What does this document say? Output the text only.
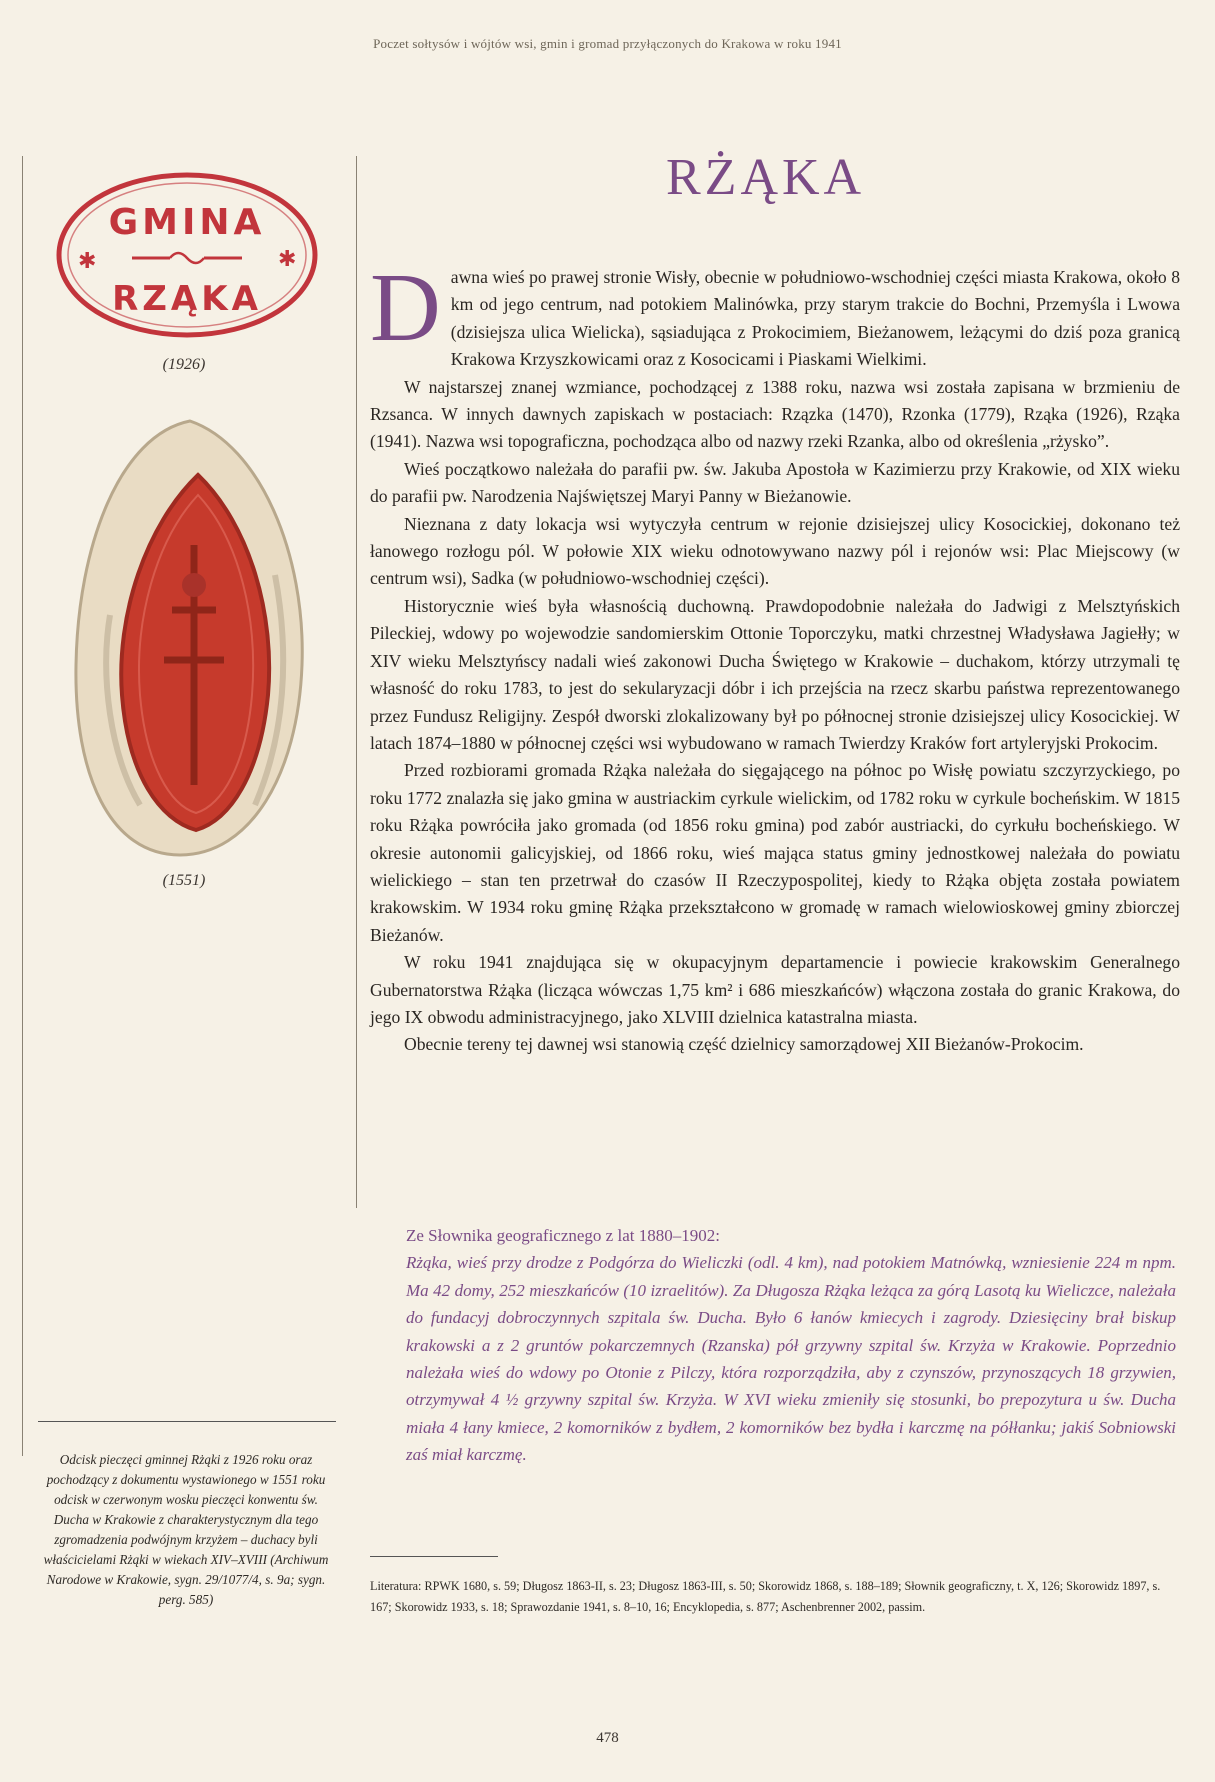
Poczet sołtysów i wójtów wsi, gmin i gromad przyłączonych do Krakowa w roku 1941
GMINA
RZĄKA
✱	✱
(1926)
(1551)
Odcisk pieczęci gminnej Rżąki z 1926 roku oraz pochodzący z dokumentu wystawionego w 1551 roku odcisk w czerwonym wosku pieczęci konwentu św. Ducha w Krakowie z charakterystycznym dla tego zgromadzenia podwójnym krzyżem – duchacy byli właścicielami Rżąki w wiekach XIV–XVIII (Archiwum Narodowe w Krakowie, sygn. 29/1077/4, s. 9a; sygn. perg. 585)
RŻĄKA

Dawna wieś po prawej stronie Wisły, obecnie w południowo-wschodniej części miasta Krakowa, około 8 km od jego centrum, nad potokiem Malinówka, przy starym trakcie do Bochni, Przemyśla i Lwowa (dzisiejsza ulica Wielicka), sąsiadująca z Prokocimiem, Bieżanowem, leżącymi do dziś poza granicą Krakowa Krzyszkowicami oraz z Kosocicami i Piaskami Wielkimi.

W najstarszej znanej wzmiance, pochodzącej z 1388 roku, nazwa wsi została zapisana w brzmieniu de Rzsanca. W innych dawnych zapiskach w postaciach: Rzązka (1470), Rzonka (1779), Rząka (1926), Rząka (1941). Nazwa wsi topograficzna, pochodząca albo od nazwy rzeki Rzanka, albo od określenia „rżysko”.

Wieś początkowo należała do parafii pw. św. Jakuba Apostoła w Kazimierzu przy Krakowie, od XIX wieku do parafii pw. Narodzenia Najświętszej Maryi Panny w Bieżanowie.

Nieznana z daty lokacja wsi wytyczyła centrum w rejonie dzisiejszej ulicy Kosocickiej, dokonano też łanowego rozłogu pól. W połowie XIX wieku odnotowywano nazwy pól i rejonów wsi: Plac Miejscowy (w centrum wsi), Sadka (w południowo-wschodniej części).

Historycznie wieś była własnością duchowną. Prawdopodobnie należała do Jadwigi z Melsztyńskich Pileckiej, wdowy po wojewodzie sandomierskim Ottonie Toporczyku, matki chrzestnej Władysława Jagiełły; w XIV wieku Melsztyńscy nadali wieś zakonowi Ducha Świętego w Krakowie – duchakom, którzy utrzymali tę własność do roku 1783, to jest do sekularyzacji dóbr i ich przejścia na rzecz skarbu państwa reprezentowanego przez Fundusz Religijny. Zespół dworski zlokalizowany był po północnej stronie dzisiejszej ulicy Kosocickiej. W latach 1874–1880 w północnej części wsi wybudowano w ramach Twierdzy Kraków fort artyleryjski Prokocim.

Przed rozbiorami gromada Rżąka należała do sięgającego na północ po Wisłę powiatu szczyrzyckiego, po roku 1772 znalazła się jako gmina w austriackim cyrkule wielickim, od 1782 roku w cyrkule bocheńskim. W 1815 roku Rżąka powróciła jako gromada (od 1856 roku gmina) pod zabór austriacki, do cyrkułu bocheńskiego. W okresie autonomii galicyjskiej, od 1866 roku, wieś mająca status gminy jednostkowej należała do powiatu wielickiego – stan ten przetrwał do czasów II Rzeczypospolitej, kiedy to Rżąka objęta została powiatem krakowskim. W 1934 roku gminę Rżąka przekształcono w gromadę w ramach wielowioskowej gminy zbiorczej Bieżanów.

W roku 1941 znajdująca się w okupacyjnym departamencie i powiecie krakowskim Generalnego Gubernatorstwa Rżąka (licząca wówczas 1,75 km² i 686 mieszkańców) włączona została do granic Krakowa, do jego IX obwodu administracyjnego, jako XLVIII dzielnica katastralna miasta.

Obecnie tereny tej dawnej wsi stanowią część dzielnicy samorządowej XII Bieżanów-Prokocim.

Ze Słownika geograficznego z lat 1880–1902:
Rżąka, wieś przy drodze z Podgórza do Wieliczki (odl. 4 km), nad potokiem Matnówką, wzniesienie 224 m npm. Ma 42 domy, 252 mieszkańców (10 izraelitów). Za Długosza Rżąka leżąca za górą Lasotą ku Wieliczce, należała do fundacyj dobroczynnych szpitala św. Ducha. Było 6 łanów kmiecych i zagrody. Dziesięciny brał biskup krakowski a z 2 gruntów pokarczemnych (Rzanska) pół grzywny szpital św. Krzyża w Krakowie. Poprzednio należała wieś do wdowy po Otonie z Pilczy, która rozporządziła, aby z czynszów, przynoszących 18 grzywien, otrzymywał 4 ½ grzywny szpital św. Krzyża. W XVI wieku zmieniły się stosunki, bo prepozytura u św. Ducha miała 4 łany kmiece, 2 komorników z bydłem, 2 komorników bez bydła i karczmę na półłanku; jakiś Sobniowski zaś miał karczmę.
Literatura: RPWK 1680, s. 59; Długosz 1863-II, s. 23; Długosz 1863-III, s. 50; Skorowidz 1868, s. 188–189; Słownik geograficzny, t. X, 126; Skorowidz 1897, s. 167; Skorowidz 1933, s. 18; Sprawozdanie 1941, s. 8–10, 16; Encyklopedia, s. 877; Aschenbrenner 2002, passim.
478
